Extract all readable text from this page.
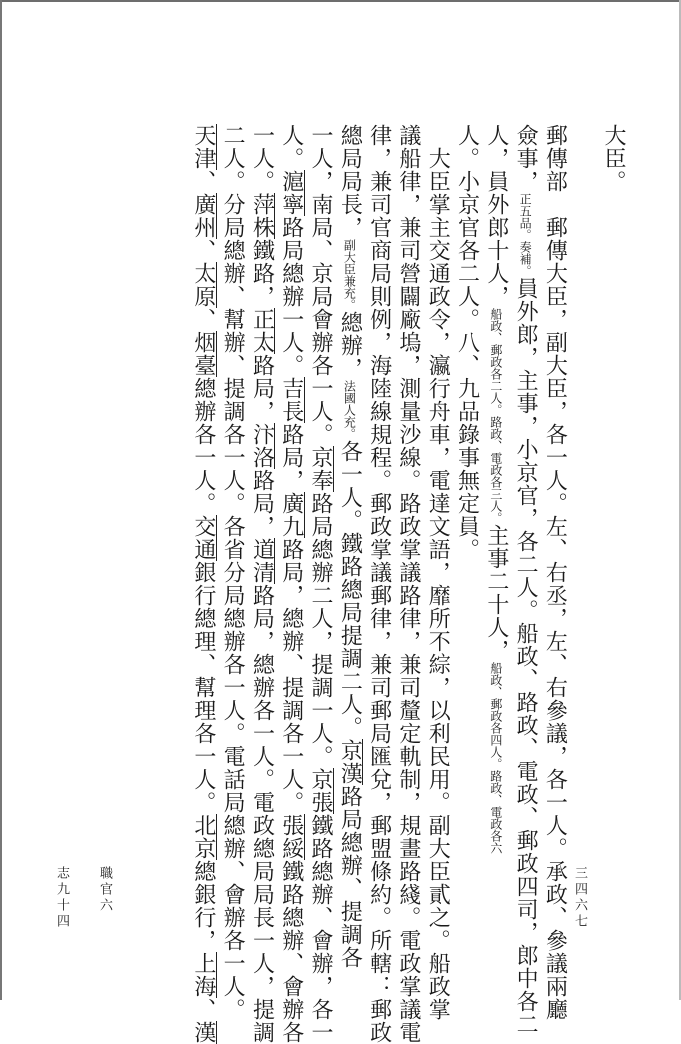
大臣。
郵傳部　郵傳大臣，副大臣，各一人。左、右丞，左、右參議，各一人。承政、參議兩廳
僉事，正五品。奏補。員外郎，主事，小京官，各二人。船政、路政、電政、郵政四司，郎中各二
人，員外郎十人，船政、郵政各二人。路政、電政各三人。主事二十人，船政、郵政各四人。路政、電政各六
人。小京官各二人。八、九品錄事無定員。
　大臣掌主交通政令，瀛行舟車，電達文語，靡所不綜，以利民用。副大臣貳之。船政掌
議船律，兼司營闢廠塢，測量沙線。路政掌議路律，兼司釐定軌制，規畫路綫。電政掌議電
律，兼司官商局則例，海陸線規程。郵政掌議郵律，兼司郵局匯兌，郵盟條約。所轄：郵政
總局局長，副大臣兼充。總辦，法國人充。各一人。鐵路總局提調二人。京漢路局總辦、提調各
一人，南局、京局會辦各一人。京奉路局總辦二人，提調一人。京張鐵路總辦、會辦，各一
人。滬寧路局總辦一人。吉長路局，廣九路局，總辦、提調各一人。張綏鐵路總辦、會辦各
一人。萍株鐵路，正太路局，汴洛路局，道清路局，總辦各一人。電政總局局長一人，提調
二人。分局總辦、幫辦、提調各一人。各省分局總辦各一人。電話局總辦、會辦各一人。
天津、廣州、太原、烟臺總辦各一人。交通銀行總理、幫理各一人。北京總銀行，上海、漢
志九十四 職官六	三四六七
